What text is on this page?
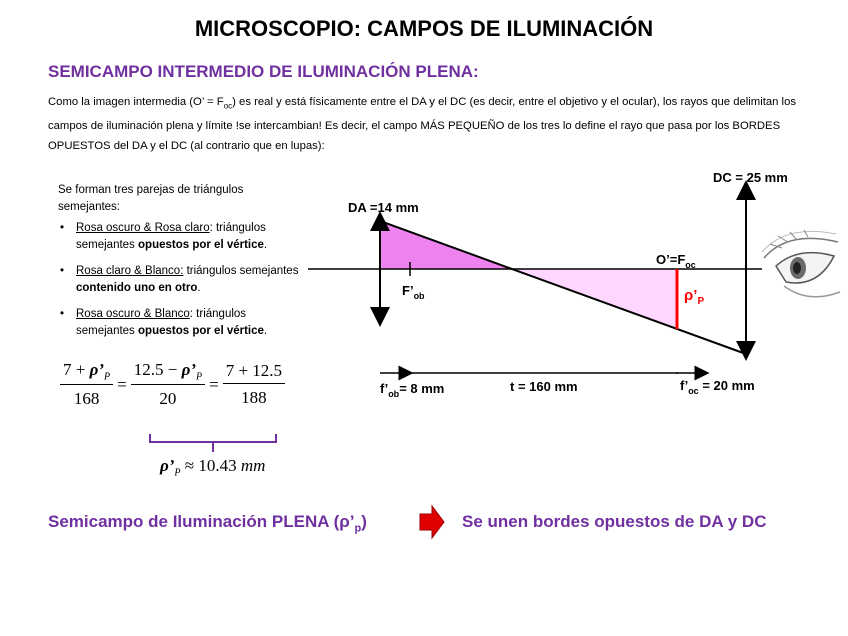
MICROSCOPIO: CAMPOS DE ILUMINACIÓN
SEMICAMPO INTERMEDIO DE ILUMINACIÓN PLENA:
Como la imagen intermedia (O’ = $F_{oc}$) es real y está físicamente entre el DA y el DC (es decir, entre el objetivo y el ocular), los rayos que delimitan los campos de iluminación plena y límite !se intercambian! Es decir, el campo MÁS PEQUEÑO de los tres lo define el rayo que pasa por los BORDES OPUESTOS del DA y el DC (al contrario que en lupas):

Se forman tres parejas de triángulos semejantes:

• Rosa oscuro & Rosa claro: triángulos semejantes opuestos por el vértice.
• Rosa claro & Blanco: triángulos semejantes contenido uno en otro.
• Rosa oscuro & Blanco: triángulos semejantes opuestos por el vértice.
$\frac{7 + \rho’_P}{168} = \frac{12.5 - \rho’_P}{20} = \frac{7 + 12.5}{188}$
$\rho’_P \approx 10.43$ mm
DA =14 mm
DC = 25 mm
$F’_{ob}$
$O’=F_{oc}$
$\rho’_P$
$f’_{ob}= 8$ mm	t = 160 mm	$f’_{oc} = 20$ mm
Semicampo de Iluminación PLENA $(\rho’_p)$	Se unen bordes opuestos de DA y DC
